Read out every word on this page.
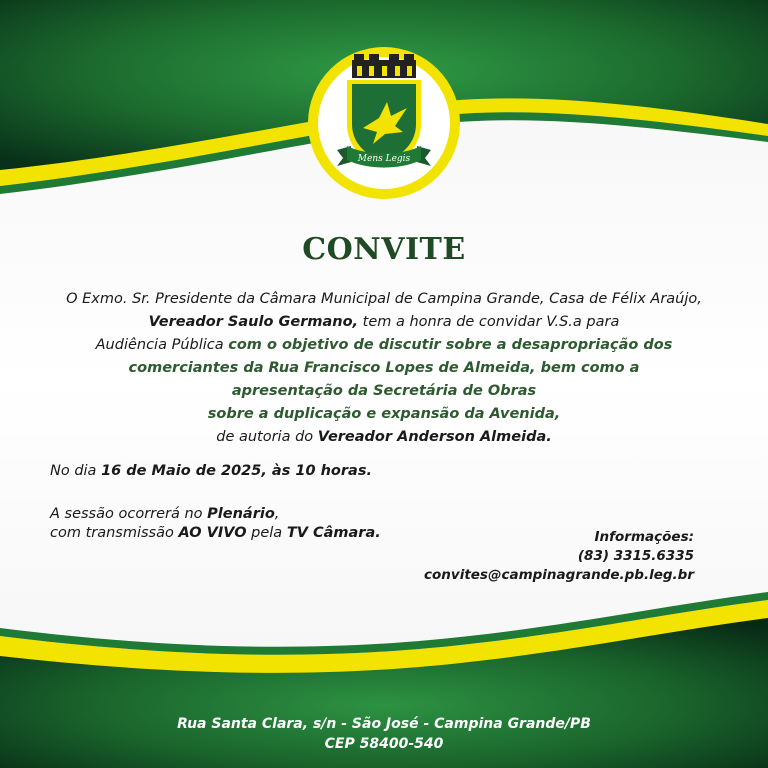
Mens Legis
CONVITE
O Exmo. Sr. Presidente da Câmara Municipal de Campina Grande, Casa de Félix Araújo,
Vereador Saulo Germano, tem a honra de convidar V.S.a para
Audiência Pública com o objetivo de discutir sobre a desapropriação dos
comerciantes da Rua Francisco Lopes de Almeida, bem como a
apresentação da Secretária de Obras
sobre a duplicação e expansão da Avenida,
de autoria do Vereador Anderson Almeida.
No dia 16 de Maio de 2025, às 10 horas.
A sessão ocorrerá no Plenário,
com transmissão AO VIVO pela TV Câmara.	Informações:
(83) 3315.6335
convites@campinagrande.pb.leg.br
Rua Santa Clara, s/n - São José - Campina Grande/PB
CEP 58400-540
